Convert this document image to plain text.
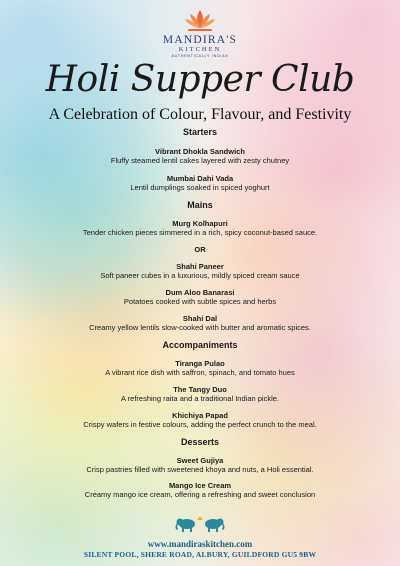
MANDIRA'S
KITCHEN
AUTHENTICALLY INDIAN
Holi Supper Club
A Celebration of Colour, Flavour, and Festivity
Starters
Vibrant Dhokla Sandwich
Fluffy steamed lentil cakes layered with zesty chutney
Mumbai Dahi Vada
Lentil dumplings soaked in spiced yoghurt
Mains
Murg Kolhapuri
Tender chicken pieces simmered in a rich, spicy coconut-based sauce.
OR
Shahi Paneer
Soft paneer cubes in a luxurious, mildly spiced cream sauce
Dum Aloo Banarasi
Potatoes cooked with subtle spices and herbs
Shahi Dal
Creamy yellow lentils slow-cooked with butter and aromatic spices.
Accompaniments
Tiranga Pulao
A vibrant rice dish with saffron, spinach, and tomato hues
The Tangy Duo
A refreshing raita and a traditional Indian pickle.
Khichiya Papad
Crispy wafers in festive colours, adding the perfect crunch to the meal.
Desserts
Sweet Gujiya
Crisp pastries filled with sweetened khoya and nuts, a Holi essential.
Mango Ice Cream
Creamy mango ice cream, offering a refreshing and sweet conclusion
www.mandiraskitchen.com
SILENT POOL, SHERE ROAD, ALBURY, GUILDFORD GU5 9BW
